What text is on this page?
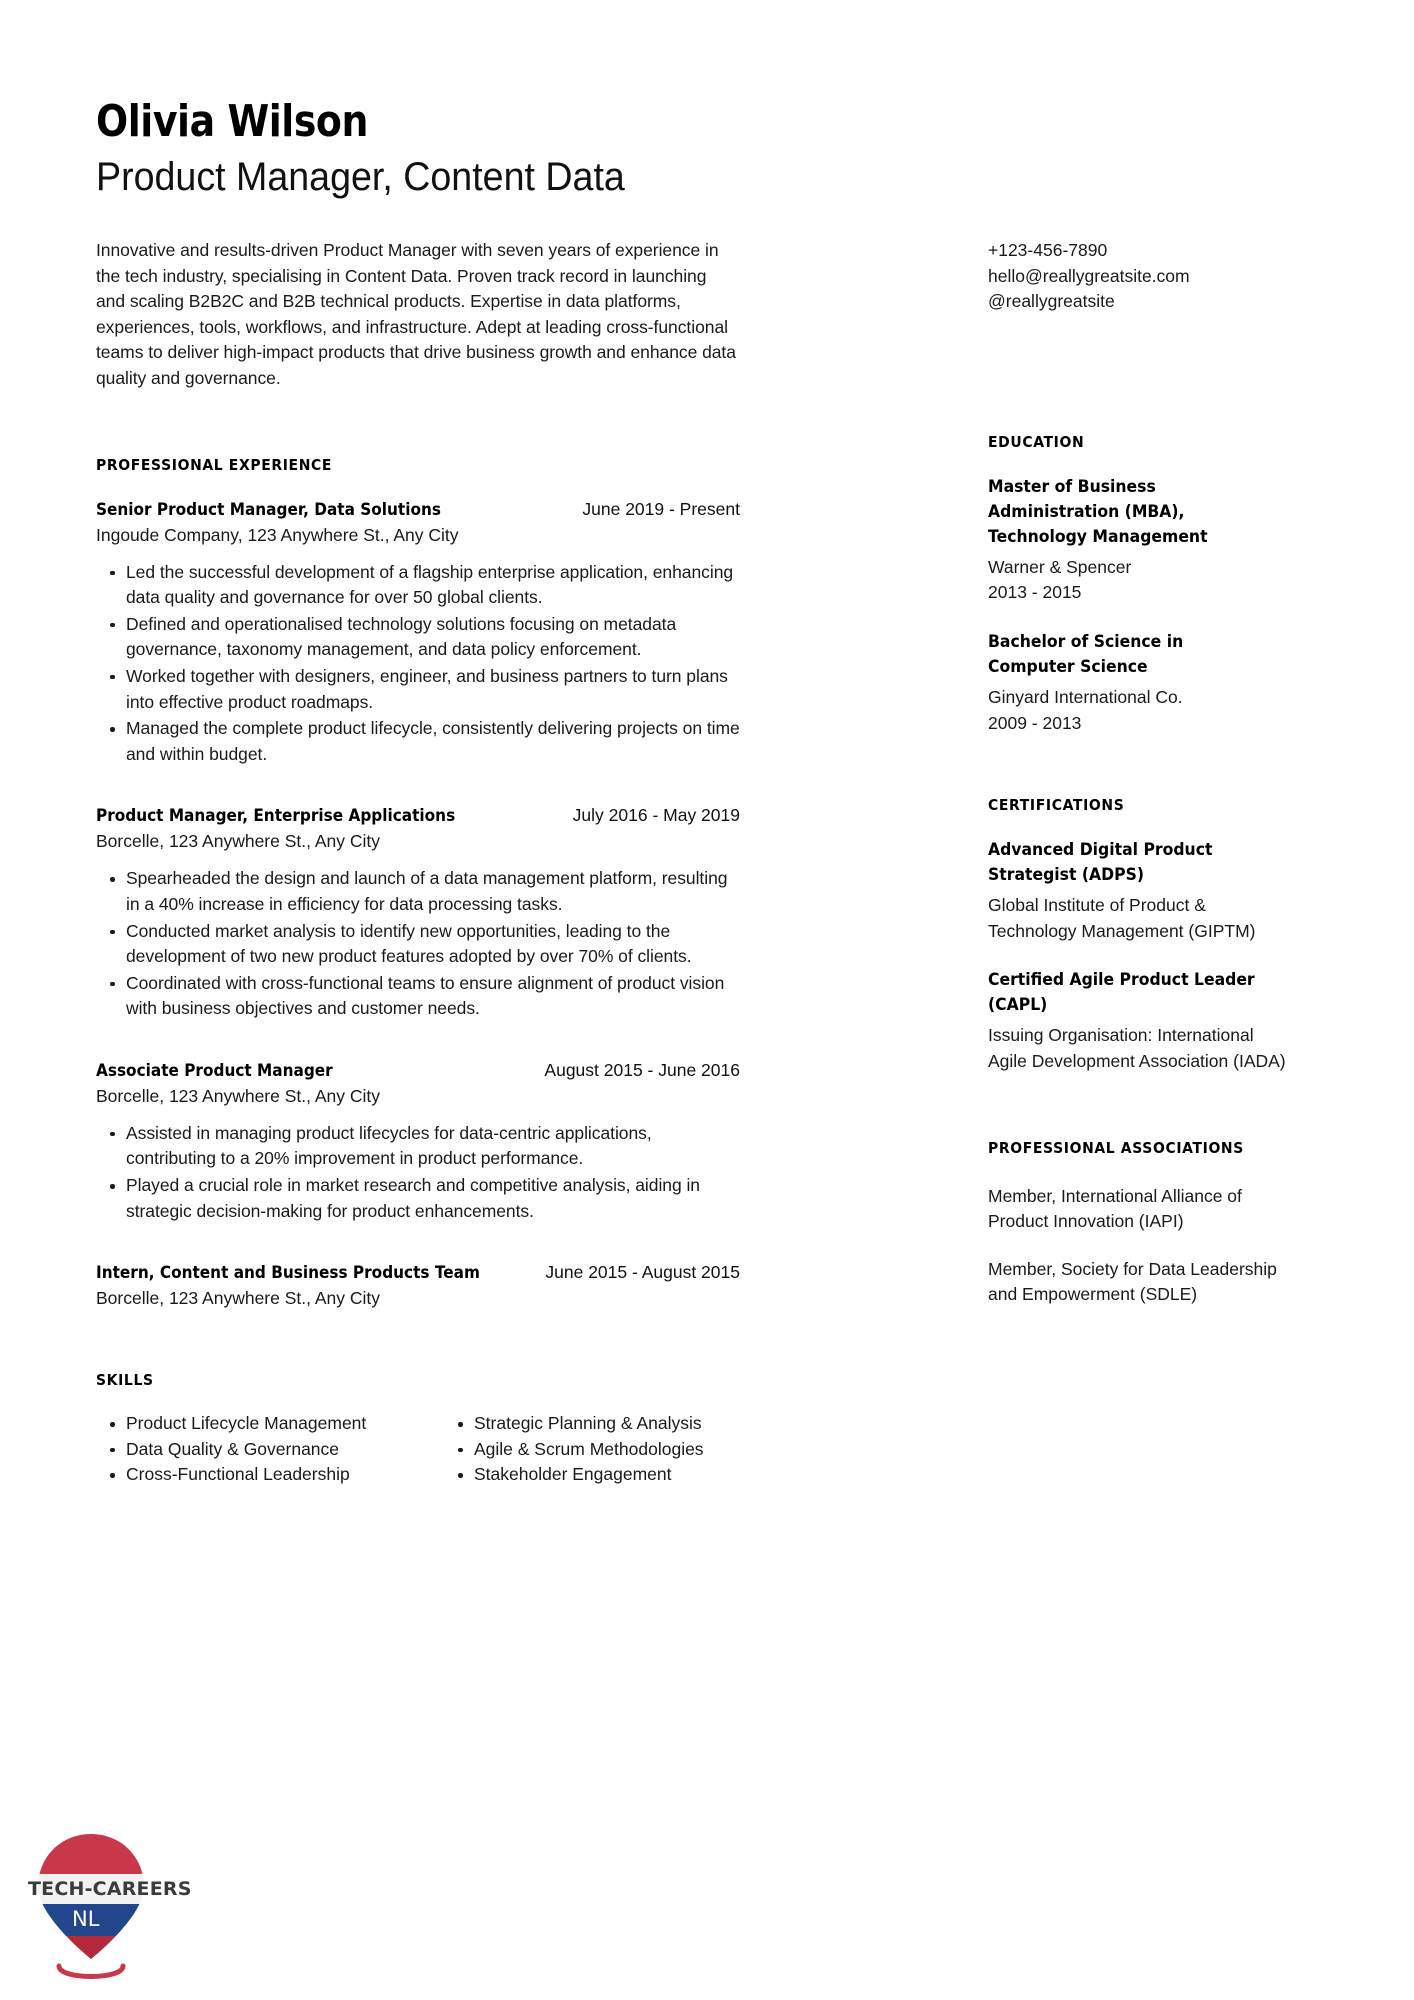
Olivia Wilson
Product Manager, Content Data
Innovative and results-driven Product Manager with seven years of experience in the tech industry, specialising in Content Data. Proven track record in launching and scaling B2B2C and B2B technical products. Expertise in data platforms, experiences, tools, workflows, and infrastructure. Adept at leading cross-functional teams to deliver high-impact products that drive business growth and enhance data quality and governance.
PROFESSIONAL EXPERIENCE
Senior Product Manager, Data Solutions	June 2019 - Present
Ingoude Company, 123 Anywhere St., Any City
Led the successful development of a flagship enterprise application, enhancing data quality and governance for over 50 global clients.
Defined and operationalised technology solutions focusing on metadata governance, taxonomy management, and data policy enforcement.
Worked together with designers, engineer, and business partners to turn plans into effective product roadmaps.
Managed the complete product lifecycle, consistently delivering projects on time and within budget.
Product Manager, Enterprise Applications	July 2016 - May 2019
Borcelle, 123 Anywhere St., Any City
Spearheaded the design and launch of a data management platform, resulting in a 40% increase in efficiency for data processing tasks.
Conducted market analysis to identify new opportunities, leading to the development of two new product features adopted by over 70% of clients.
Coordinated with cross-functional teams to ensure alignment of product vision with business objectives and customer needs.
Associate Product Manager	August 2015 - June 2016
Borcelle, 123 Anywhere St., Any City
Assisted in managing product lifecycles for data-centric applications, contributing to a 20% improvement in product performance.
Played a crucial role in market research and competitive analysis, aiding in strategic decision-making for product enhancements.
Intern, Content and Business Products Team	June 2015 - August 2015
Borcelle, 123 Anywhere St., Any City
SKILLS
Product Lifecycle Management
Data Quality & Governance
Cross-Functional Leadership
Strategic Planning & Analysis
Agile & Scrum Methodologies
Stakeholder Engagement
+123-456-7890
hello@reallygreatsite.com
@reallygreatsite
EDUCATION
Master of Business Administration (MBA), Technology Management
Warner & Spencer
2013 - 2015
Bachelor of Science in Computer Science
Ginyard International Co.
2009 - 2013
CERTIFICATIONS
Advanced Digital Product Strategist (ADPS)
Global Institute of Product & Technology Management (GIPTM)
Certified Agile Product Leader (CAPL)
Issuing Organisation: International Agile Development Association (IADA)
PROFESSIONAL ASSOCIATIONS
Member, International Alliance of Product Innovation (IAPI)
Member, Society for Data Leadership and Empowerment (SDLE)
TECH-CAREERS
NL
